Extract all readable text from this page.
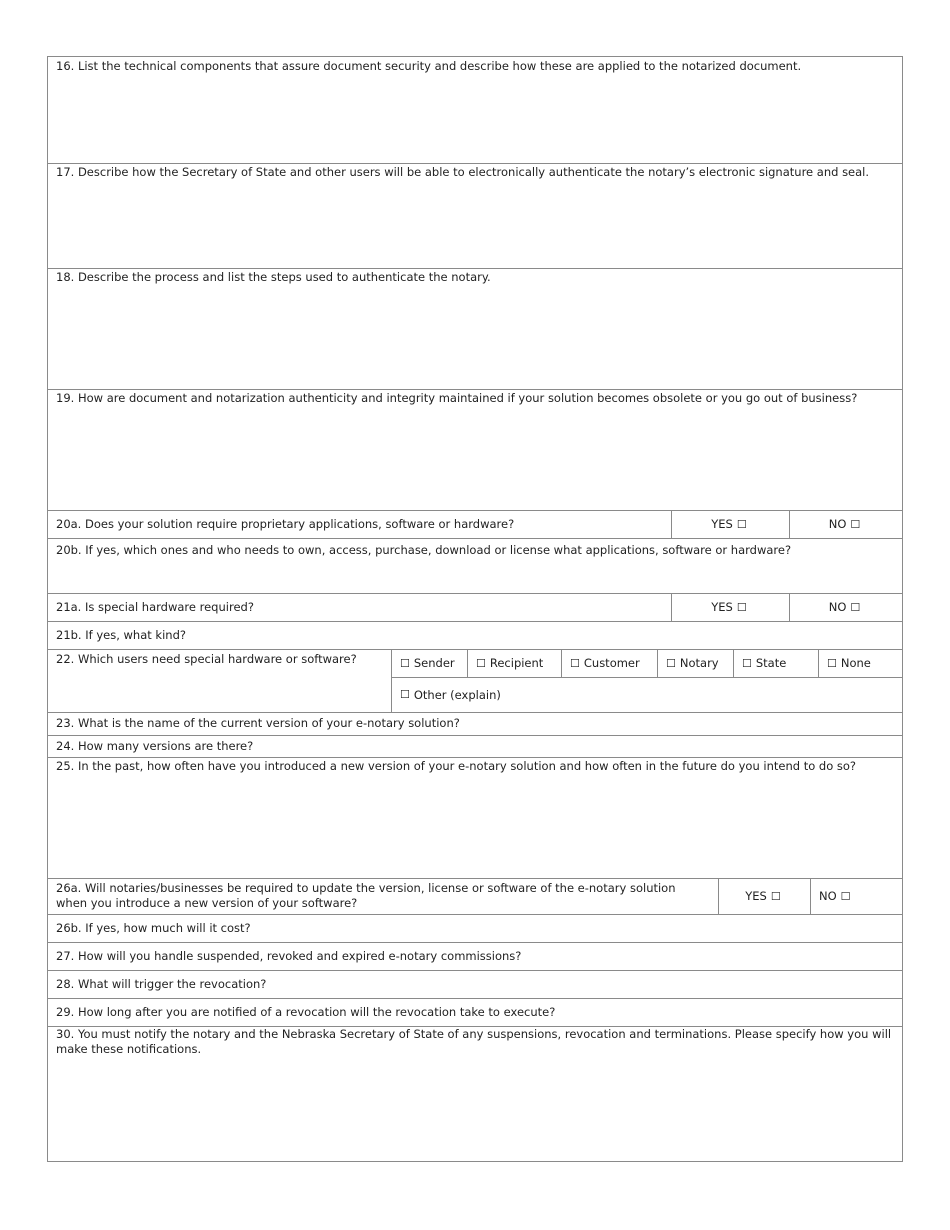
16. List the technical components that assure document security and describe how these are applied to the notarized document.
17. Describe how the Secretary of State and other users will be able to electronically authenticate the notary’s electronic signature and seal.
18. Describe the process and list the steps used to authenticate the notary.
19. How are document and notarization authenticity and integrity maintained if your solution becomes obsolete or you go out of business?
20a. Does your solution require proprietary applications, software or hardware?	YES ☐	NO ☐
20b. If yes, which ones and who needs to own, access, purchase, download or license what applications, software or hardware?
21a. Is special hardware required?	YES ☐	NO ☐
21b. If yes, what kind?
22. Which users need special hardware or software?	☐ Sender ☐ Recipient ☐ Customer ☐ Notary ☐ State	☐ None
☐ Other (explain)
23. What is the name of the current version of your e-notary solution?
24. How many versions are there?
25. In the past, how often have you introduced a new version of your e-notary solution and how often in the future do you intend to do so?
26a. Will notaries/businesses be required to update the version, license or software of the e-notary solution when you introduce a new version of your software?	YES ☐	NO ☐
26b. If yes, how much will it cost?
27. How will you handle suspended, revoked and expired e-notary commissions?
28. What will trigger the revocation?
29. How long after you are notified of a revocation will the revocation take to execute?
30. You must notify the notary and the Nebraska Secretary of State of any suspensions, revocation and terminations. Please specify how you will make these notifications.
